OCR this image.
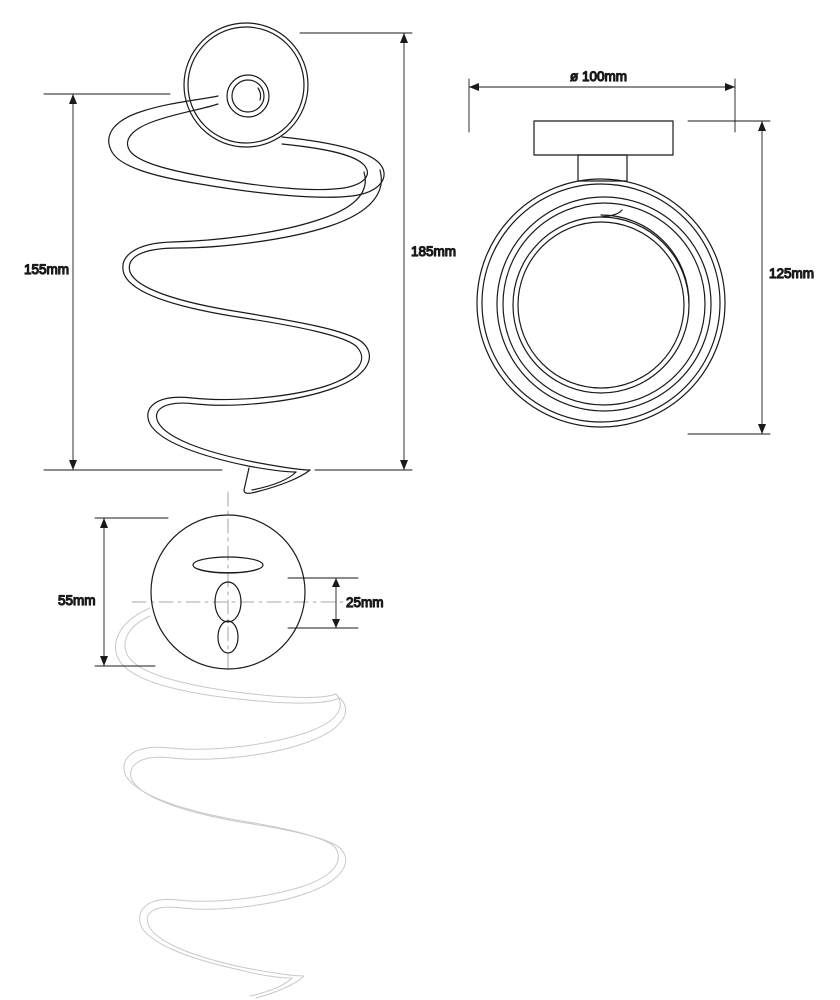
185mm
155mm
ø 100mm
125mm
55mm	25mm
